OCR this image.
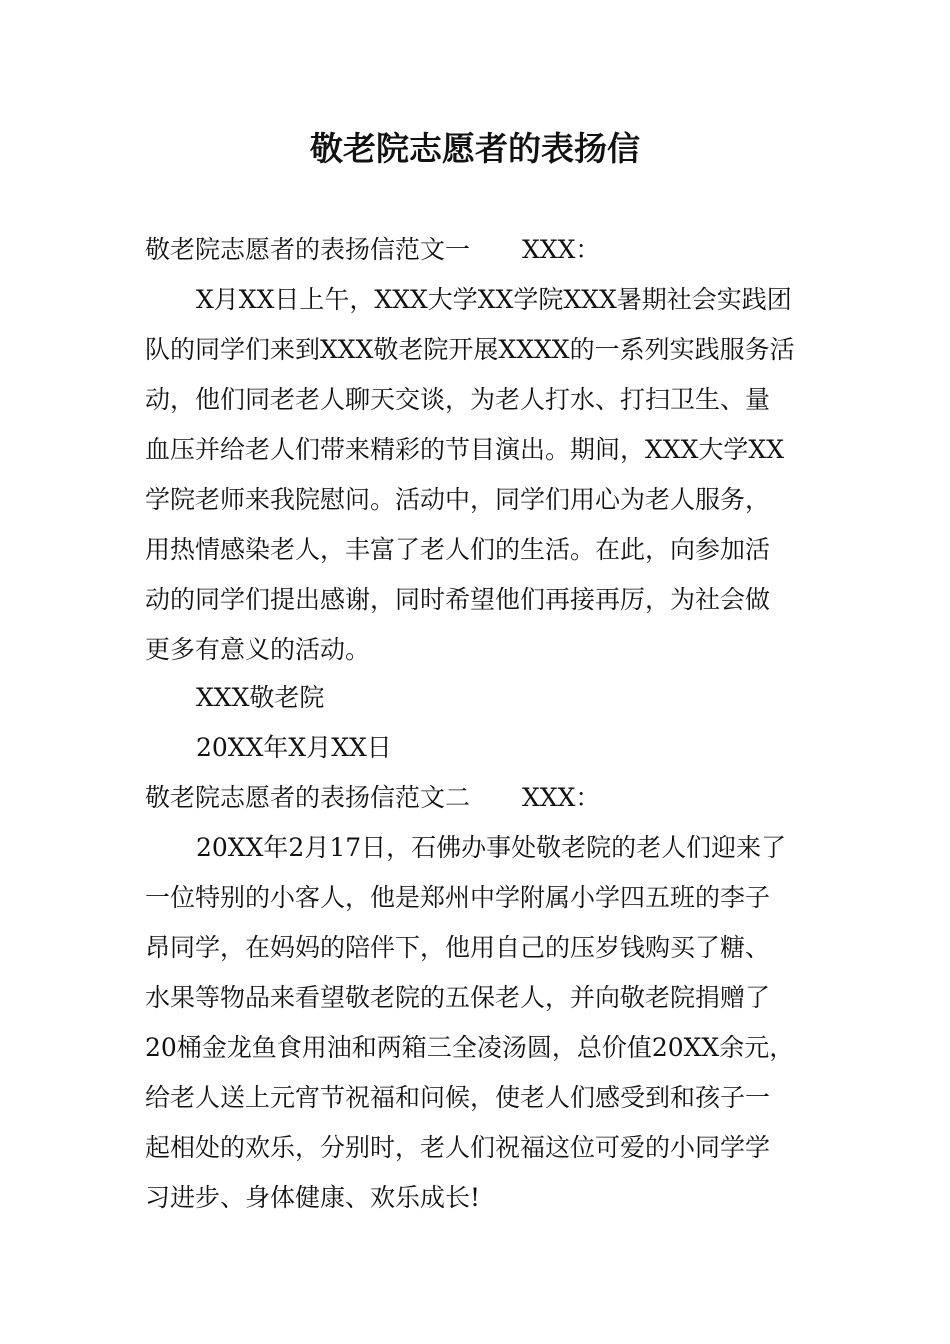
敬老院志愿者的表扬信
敬老院志愿者的表扬信范文一 XXX：
X月XX日上午，XXX大学XX学院XXX暑期社会实践团
队的同学们来到XXX敬老院开展XXXX的一系列实践服务活
动，他们同老老人聊天交谈，为老人打水、打扫卫生、量
血压并给老人们带来精彩的节目演出。期间，XXX大学XX
学院老师来我院慰问。活动中，同学们用心为老人服务，
用热情感染老人，丰富了老人们的生活。在此，向参加活
动的同学们提出感谢，同时希望他们再接再厉，为社会做
更多有意义的活动。
XXX敬老院
20XX年X月XX日
敬老院志愿者的表扬信范文二 XXX：
20XX年2月17日，石佛办事处敬老院的老人们迎来了
一位特别的小客人，他是郑州中学附属小学四五班的李子
昂同学，在妈妈的陪伴下，他用自己的压岁钱购买了糖、
水果等物品来看望敬老院的五保老人，并向敬老院捐赠了
20桶金龙鱼食用油和两箱三全凌汤圆，总价值20XX余元，
给老人送上元宵节祝福和问候，使老人们感受到和孩子一
起相处的欢乐，分别时，老人们祝福这位可爱的小同学学
习进步、身体健康、欢乐成长!
